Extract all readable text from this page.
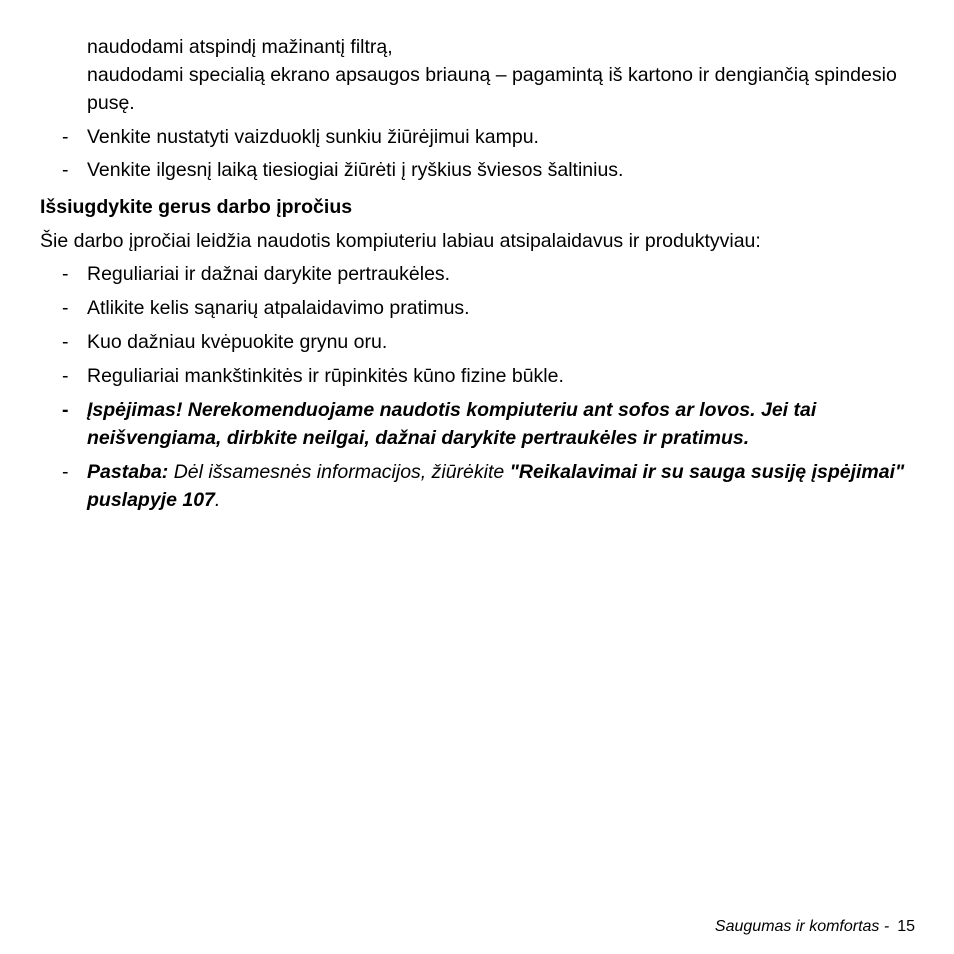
naudodami atspindį mažinantį filtrą,
naudodami specialią ekrano apsaugos briauną – pagamintą iš kartono ir dengiančią spindesio pusę.
- Venkite nustatyti vaizduoklį sunkiu žiūrėjimui kampu.
- Venkite ilgesnį laiką tiesiogiai žiūrėti į ryškius šviesos šaltinius.
Išsiugdykite gerus darbo įpročius
Šie darbo įpročiai leidžia naudotis kompiuteriu labiau atsipalaidavus ir produktyviau:
- Reguliariai ir dažnai darykite pertraukėles.
- Atlikite kelis sąnarių atpalaidavimo pratimus.
- Kuo dažniau kvėpuokite grynu oru.
- Reguliariai mankštinkitės ir rūpinkitės kūno fizine būkle.
- Įspėjimas! Nerekomenduojame naudotis kompiuteriu ant sofos ar lovos. Jei tai neišvengiama, dirbkite neilgai, dažnai darykite pertraukėles ir pratimus.
- Pastaba: Dėl išsamesnės informacijos, žiūrėkite "Reikalavimai ir su sauga susiję įspėjimai" puslapyje 107.
Saugumas ir komfortas - 15
